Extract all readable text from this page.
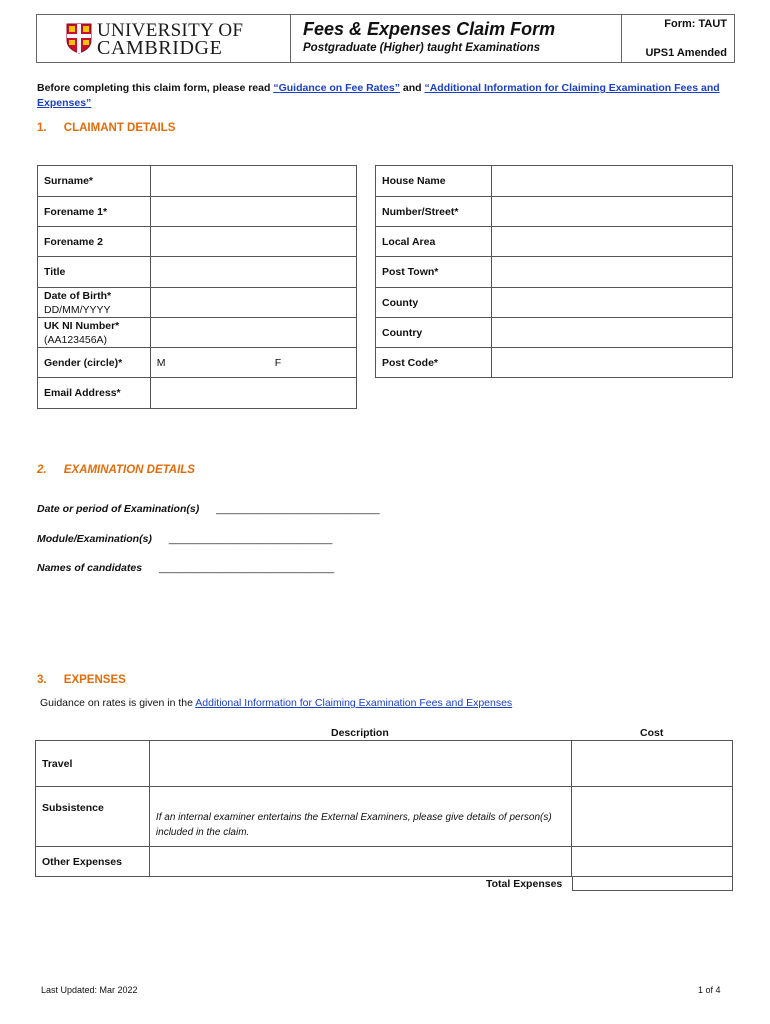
UNIVERSITY OF
CAMBRIDGE
Fees & Expenses Claim Form
Postgraduate (Higher) taught Examinations
Form: TAUT
UPS1 Amended
Before completing this claim form, please read “Guidance on Fee Rates” and “Additional Information for Claiming Examination Fees and Expenses”
1. CLAIMANT DETAILS
Surname*	
Forename 1*	
Forename 2	
Title	

Date of Birth*
DD/MM/YYYY	

UK NI Number*
(AA123456A)	

Gender (circle)*	M F
Email Address*	
House Name	
Number/Street*	
Local Area	
Post Town*	
County	
Country	
Post Code*	
2. EXAMINATION DETAILS
Date or period of Examination(s) ____________________________
Module/Examination(s) ____________________________
Names of candidates ______________________________
3. EXPENSES
Guidance on rates is given in the Additional Information for Claiming Examination Fees and Expenses
Description	Cost
Travel		
Subsistence	If an internal examiner entertains the External Examiners, please give details of person(s) included in the claim.	

Other Expenses		
Total Expenses
Last Updated: Mar 2022	1 of 4
